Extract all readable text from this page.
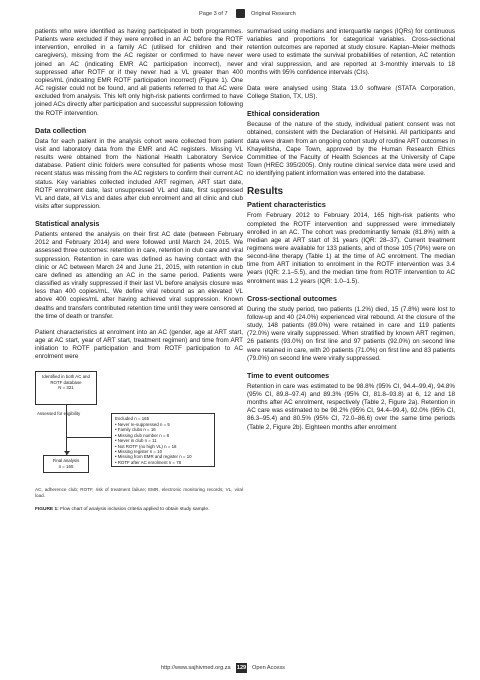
Page 3 of 7	Original Research

patients who were identified as having participated in both programmes. Patients were excluded if they were enrolled in an AC before the ROTF intervention, enrolled in a family AC (utilised for children and their caregivers), missing from the AC register or confirmed to have never joined an AC (indicating EMR AC participation incorrect), never suppressed after ROTF or if they never had a VL greater than 400 copies/mL (indicating EMR ROTF participation incorrect) (Figure 1). One AC register could not be found, and all patients referred to that AC were excluded from analysis. This left only high-risk patients confirmed to have joined ACs directly after participation and successful suppression following the ROTF intervention.

Data collection

Data for each patient in the analysis cohort were collected from patient visit and laboratory data from the EMR and AC registers. Missing VL results were obtained from the National Health Laboratory Service database. Patient clinic folders were consulted for patients whose most recent status was missing from the AC registers to confirm their current AC status. Key variables collected included ART regimen, ART start date, ROTF enrolment date, last unsuppressed VL and date, first suppressed VL and date, all VLs and dates after club enrolment and all clinic and club visits after suppression.

Statistical analysis

Patients entered the analysis on their first AC date (between February 2012 and February 2014) and were followed until March 24, 2015. We assessed three outcomes: retention in care, retention in club care and viral suppression. Retention in care was defined as having contact with the clinic or AC between March 24 and June 21, 2015, with retention in club care defined as attending an AC in the same period. Patients were classified as virally suppressed if their last VL before analysis closure was less than 400 copies/mL. We define viral rebound as an elevated VL above 400 copies/mL after having achieved viral suppression. Known deaths and transfers contributed retention time until they were censored at the time of death or transfer.

Patient characteristics at enrolment into an AC (gender, age at ART start, age at AC start, year of ART start, treatment regimen) and time from ART initiation to ROTF participation and from ROTF participation to AC enrolment were

Identified in both AC and
ROTF database
N = 321
Assessed for eligibility
Excluded n = 165
• Never re-suppressed n = 5
• Family clubs n = 16
• Missing club number n = 8
• Never in club n = 11
• Not ROTF (no high VL) n = 18
• Missing register n = 10
• Missing from EMR and register n = 10
• ROTF after AC enrolment n = 78
Final analysis
n = 165

AC, adherence club; ROTF, risk of treatment failure; EMR, electronic monitoring records; VL, viral load.

FIGURE 1: Flow chart of analysis inclusion criteria applied to obtain study sample.

summarised using medians and interquartile ranges (IQRs) for continuous variables and proportions for categorical variables. Cross-sectional retention outcomes are reported at study closure. Kaplan–Meier methods were used to estimate the survival probabilities of retention, AC retention and viral suppression, and are reported at 3-monthly intervals to 18 months with 95% confidence intervals (CIs).

Data were analysed using Stata 13.0 software (STATA Corporation, College Station, TX, US).

Ethical consideration

Because of the nature of the study, individual patient consent was not obtained, consistent with the Declaration of Helsinki. All participants and data were drawn from an ongoing cohort study of routine ART outcomes in Khayelitsha, Cape Town, approved by the Human Research Ethics Committee of the Faculty of Health Sciences at the University of Cape Town (HREC 395/2005). Only routine clinical service data were used and no identifying patient information was entered into the database.

Results
Patient characteristics

From February 2012 to February 2014, 165 high-risk patients who completed the ROTF intervention and suppressed were immediately enrolled in an AC. The cohort was predominantly female (81.8%) with a median age at ART start of 31 years (IQR: 28–37). Current treatment regimens were available for 133 patients, and of those 105 (79%) were on second-line therapy (Table 1) at the time of AC enrolment. The median time from ART initiation to enrolment in the ROTF intervention was 3.4 years (IQR: 2.1–5.5), and the median time from ROTF intervention to AC enrolment was 1.2 years (IQR: 1.0–1.5).

Cross-sectional outcomes

During the study period, two patients (1.2%) died, 15 (7.8%) were lost to follow-up and 40 (24.0%) experienced viral rebound. At the closure of the study, 148 patients (89.0%) were retained in care and 119 patients (72.0%) were virally suppressed. When stratified by known ART regimen, 26 patients (93.0%) on first line and 97 patients (92.0%) on second line were retained in care, with 20 patients (71.0%) on first line and 83 patients (79.0%) on second line were virally suppressed.

Time to event outcomes

Retention in care was estimated to be 98.8% (95% CI, 94.4–99.4), 94.8% (95% CI, 89.8–97.4) and 89.3% (95% CI, 81.8–93.8) at 6, 12 and 18 months after AC enrolment, respectively (Table 2, Figure 2a). Retention in AC care was estimated to be 98.2% (95% CI, 94.4–99.4), 92.0% (95% CI, 86.3–95.4) and 80.5% (95% CI, 72.0–86.6) over the same time periods (Table 2, Figure 2b). Eighteen months after enrolment

http://www.sajhivmed.org.za 129 Open Access
